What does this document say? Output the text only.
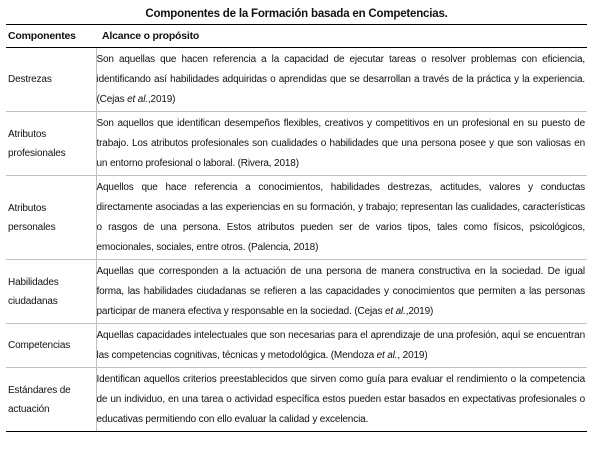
Componentes de la Formación basada en Competencias.
Componentes	Alcance o propósito
Destrezas	Son aquellas que hacen referencia a la capacidad de ejecutar tareas o resolver problemas con eficiencia, identificando así habilidades adquiridas o aprendidas que se desarrollan a través de la práctica y la experiencia. (Cejas et al.,2019)
Atributos profesionales	Son aquellos que identifican desempeños flexibles, creativos y competitivos en un profesional en su puesto de trabajo. Los atributos profesionales son cualidades o habilidades que una persona posee y que son valiosas en un entorno profesional o laboral. (Rivera, 2018)
Atributos personales	Aquellos que hace referencia a conocimientos, habilidades destrezas, actitudes, valores y conductas directamente asociadas a las experiencias en su formación, y trabajo; representan las cualidades, características o rasgos de una persona. Estos atributos pueden ser de varios tipos, tales como físicos, psicológicos, emocionales, sociales, entre otros. (Palencia, 2018)
Habilidades ciudadanas	Aquellas que corresponden a la actuación de una persona de manera constructiva en la sociedad. De igual forma, las habilidades ciudadanas se refieren a las capacidades y conocimientos que permiten a las personas participar de manera efectiva y responsable en la sociedad. (Cejas et al.,2019)
Competencias	Aquellas capacidades intelectuales que son necesarias para el aprendizaje de una profesión, aquí se encuentran las competencias cognitivas, técnicas y metodológica. (Mendoza et al., 2019)
Estándares de actuación	Identifican aquellos criterios preestablecidos que sirven como guía para evaluar el rendimiento o la competencia de un individuo, en una tarea o actividad específica estos pueden estar basados en expectativas profesionales o educativas permitiendo con ello evaluar la calidad y excelencia.
